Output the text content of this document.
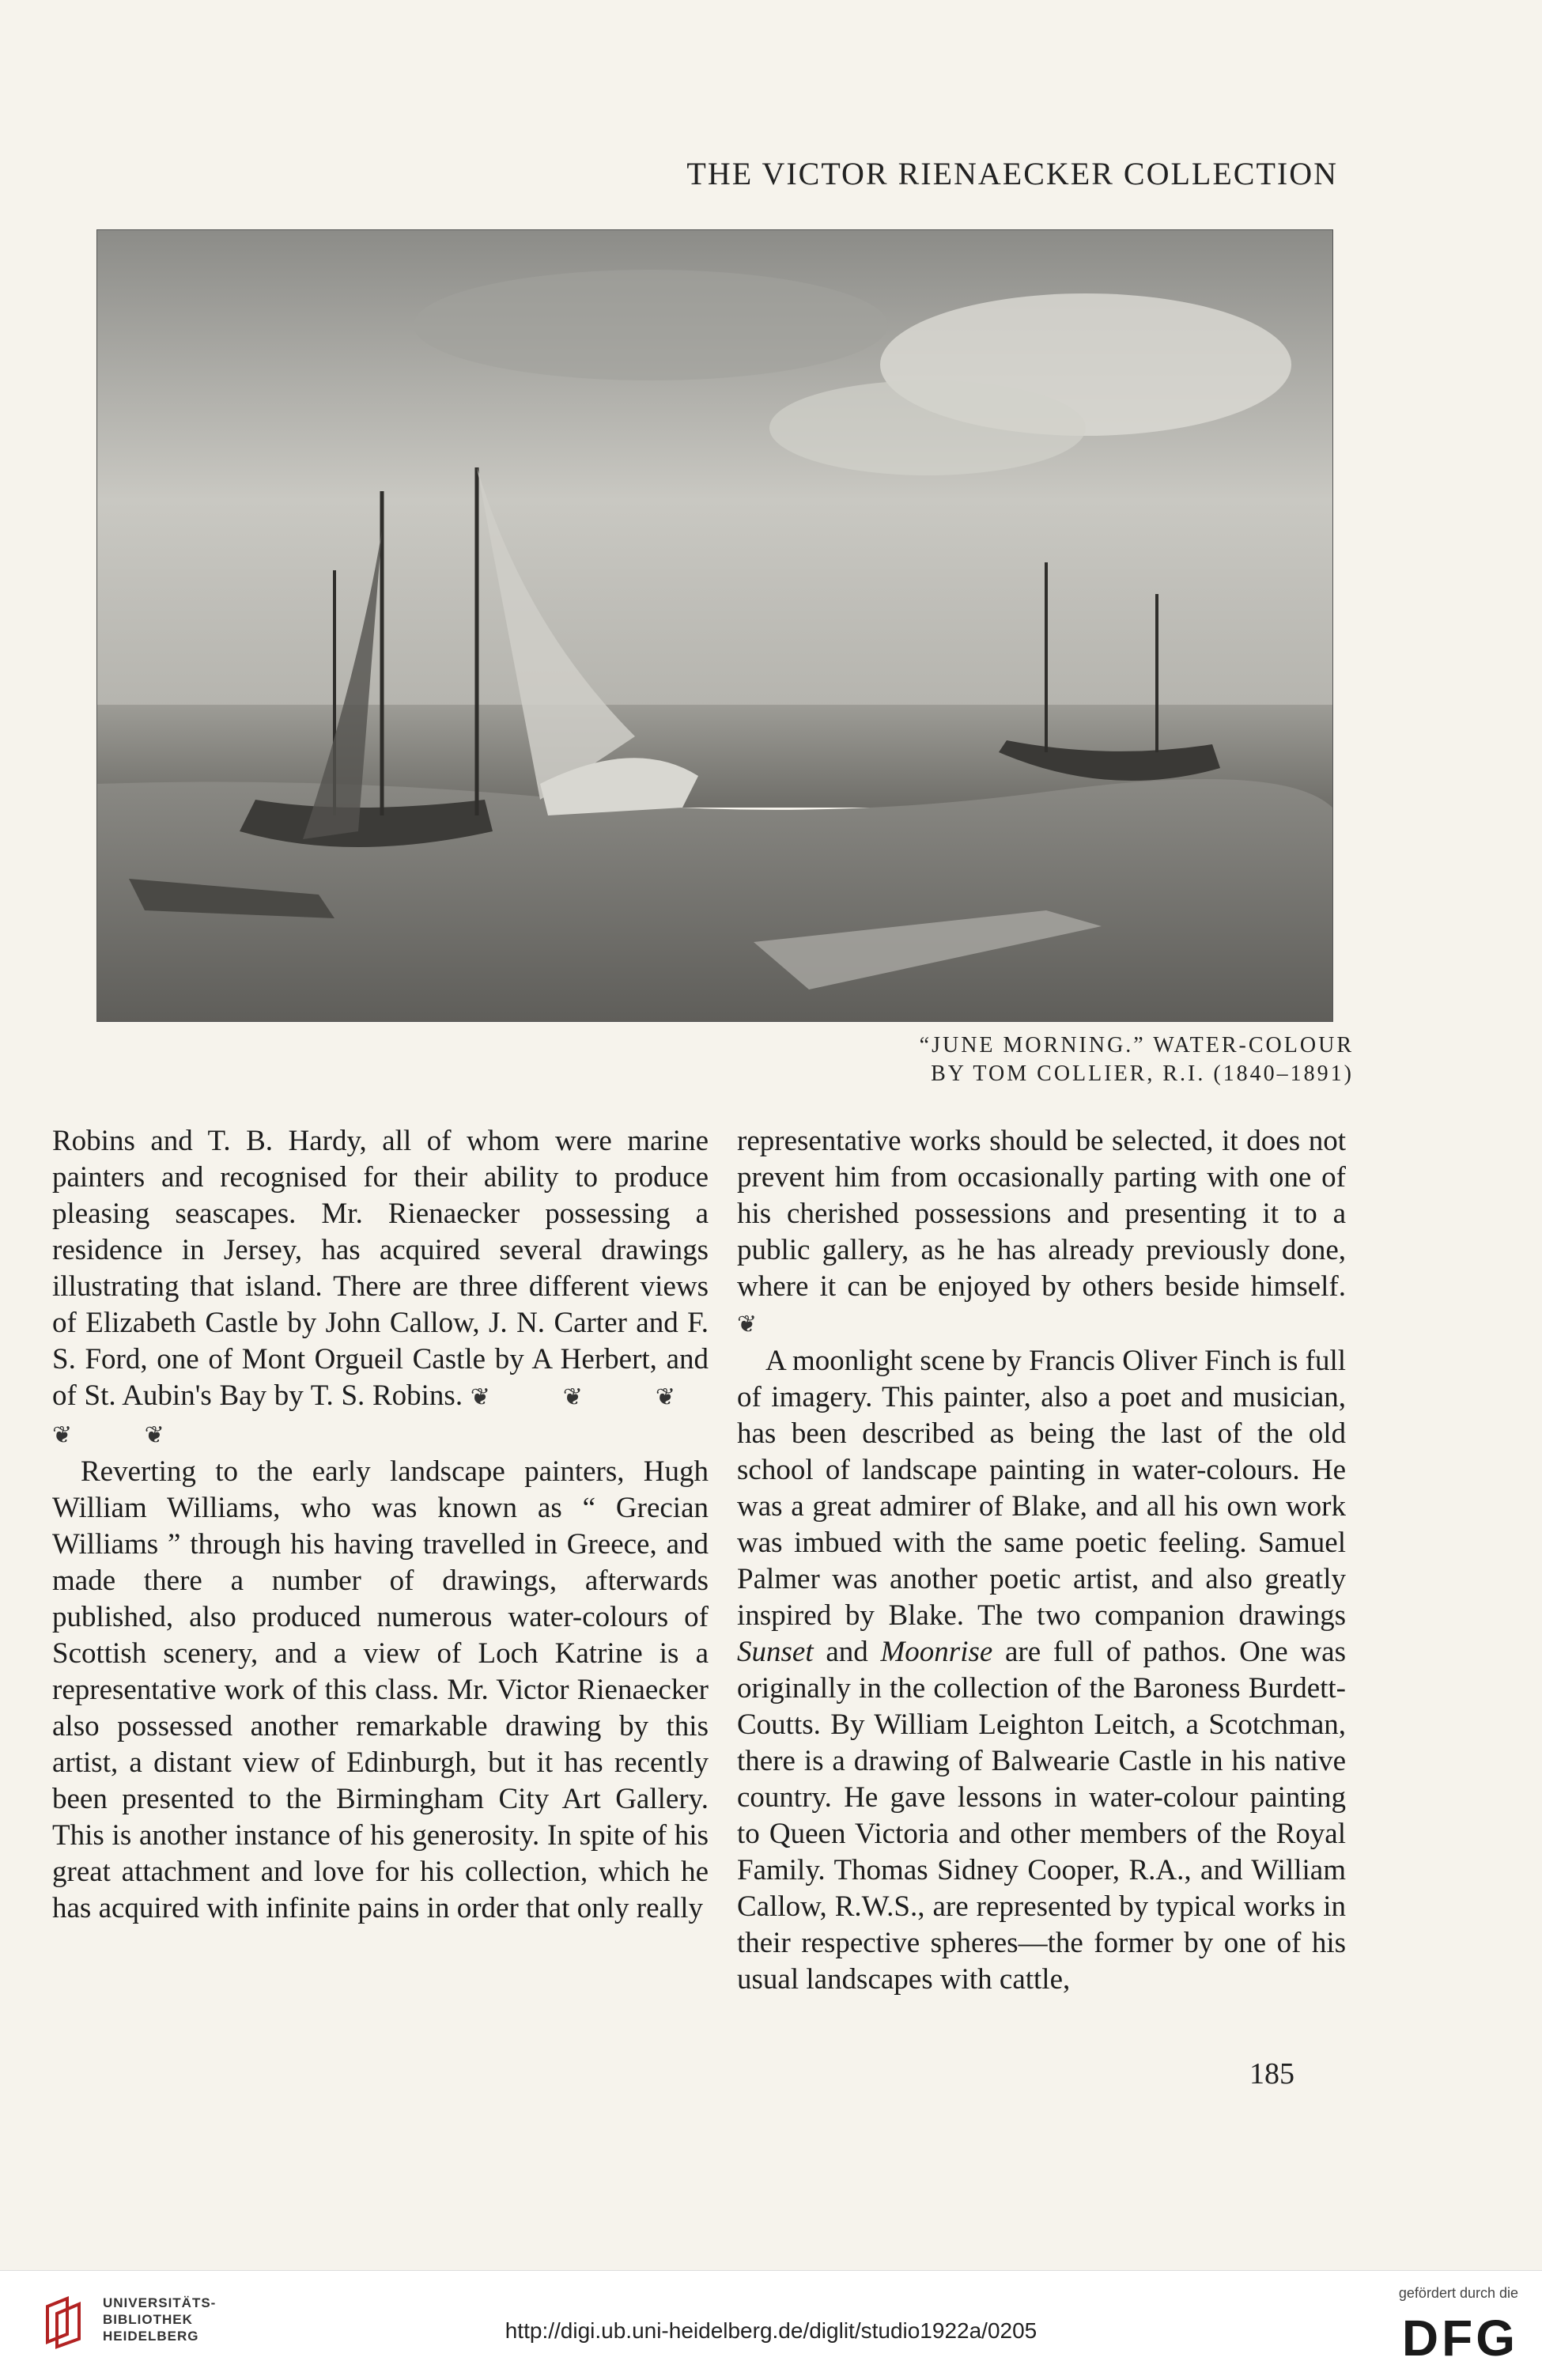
THE VICTOR RIENAECKER COLLECTION
“JUNE MORNING.” WATER-COLOUR
BY TOM COLLIER, R.I. (1840–1891)

Robins and T. B. Hardy, all of whom were marine painters and recognised for their ability to produce pleasing seascapes. Mr. Rienaecker possessing a residence in Jersey, has acquired several drawings illustrating that island. There are three different views of Elizabeth Castle by John Callow, J. N. Carter and F. S. Ford, one of Mont Orgueil Castle by A Herbert, and of St. Aubin's Bay by T. S. Robins. ❦ ❦ ❦ ❦ ❦

Reverting to the early landscape painters, Hugh William Williams, who was known as “ Grecian Williams ” through his having travelled in Greece, and made there a number of drawings, afterwards published, also produced numerous water-colours of Scottish scenery, and a view of Loch Katrine is a representative work of this class. Mr. Victor Rienaecker also possessed another remarkable drawing by this artist, a distant view of Edinburgh, but it has recently been presented to the Birmingham City Art Gallery. This is another instance of his generosity. In spite of his great attachment and love for his collection, which he has acquired with infinite pains in order that only really

representative works should be selected, it does not prevent him from occasionally parting with one of his cherished possessions and presenting it to a public gallery, as he has already previously done, where it can be enjoyed by others beside himself. ❦

A moonlight scene by Francis Oliver Finch is full of imagery. This painter, also a poet and musician, has been described as being the last of the old school of landscape painting in water-colours. He was a great admirer of Blake, and all his own work was imbued with the same poetic feeling. Samuel Palmer was another poetic artist, and also greatly inspired by Blake. The two companion drawings Sunset and Moonrise are full of pathos. One was originally in the collection of the Baroness Burdett-Coutts. By William Leighton Leitch, a Scotchman, there is a drawing of Balwearie Castle in his native country. He gave lessons in water-colour painting to Queen Victoria and other members of the Royal Family. Thomas Sidney Cooper, R.A., and William Callow, R.W.S., are represented by typical works in their respective spheres—the former by one of his usual landscapes with cattle,

185
UNIVERSITÄTS-
BIBLIOTHEK
HEIDELBERG	http://digi.ub.uni-heidelberg.de/diglit/studio1922a/0205
gefördert durch die
DFG
